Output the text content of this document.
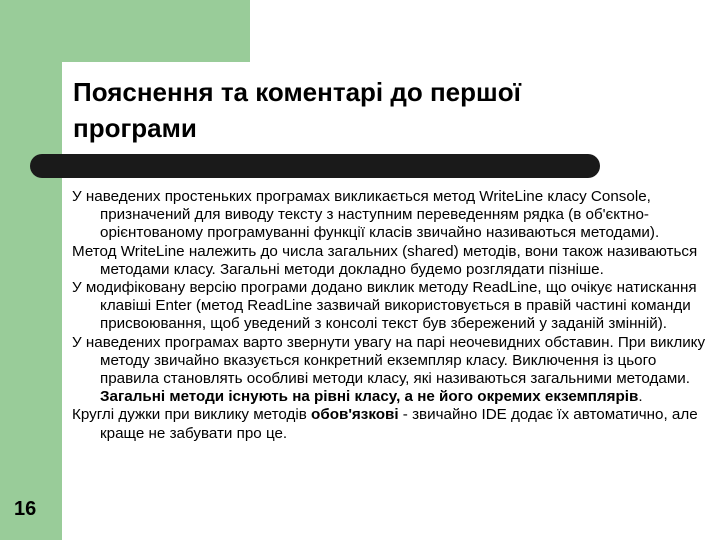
16
Пояснення та коментарі до першої
програми

У наведених простеньких програмах викликається метод WriteLine класу Console, призначений для виводу тексту з наступним переведенням рядка (в об'єктно-орієнтованому програмуванні функції класів звичайно називаються методами).

Метод WriteLine належить до числа загальних (shared) методів, вони також називаються методами класу. Загальні методи докладно будемо розглядати пізніше.

У модифіковану версію програми додано виклик методу ReadLine, що очікує натискання клавіші Enter (метод ReadLine зазвичай використовується в правій частині команди присвоювання, щоб уведений з консолі текст був збережений у заданій змінній).

У наведених програмах варто звернути увагу на парі неочевидних обставин. При виклику методу звичайно вказується конкретний екземпляр класу. Виключення із цього правила становлять особливі методи класу, які називаються загальними методами. Загальні методи існують на рівні класу, а не його окремих екземплярів.

Круглі дужки при виклику методів обов'язкові - звичайно IDE додає їх автоматично, але краще не забувати про це.
